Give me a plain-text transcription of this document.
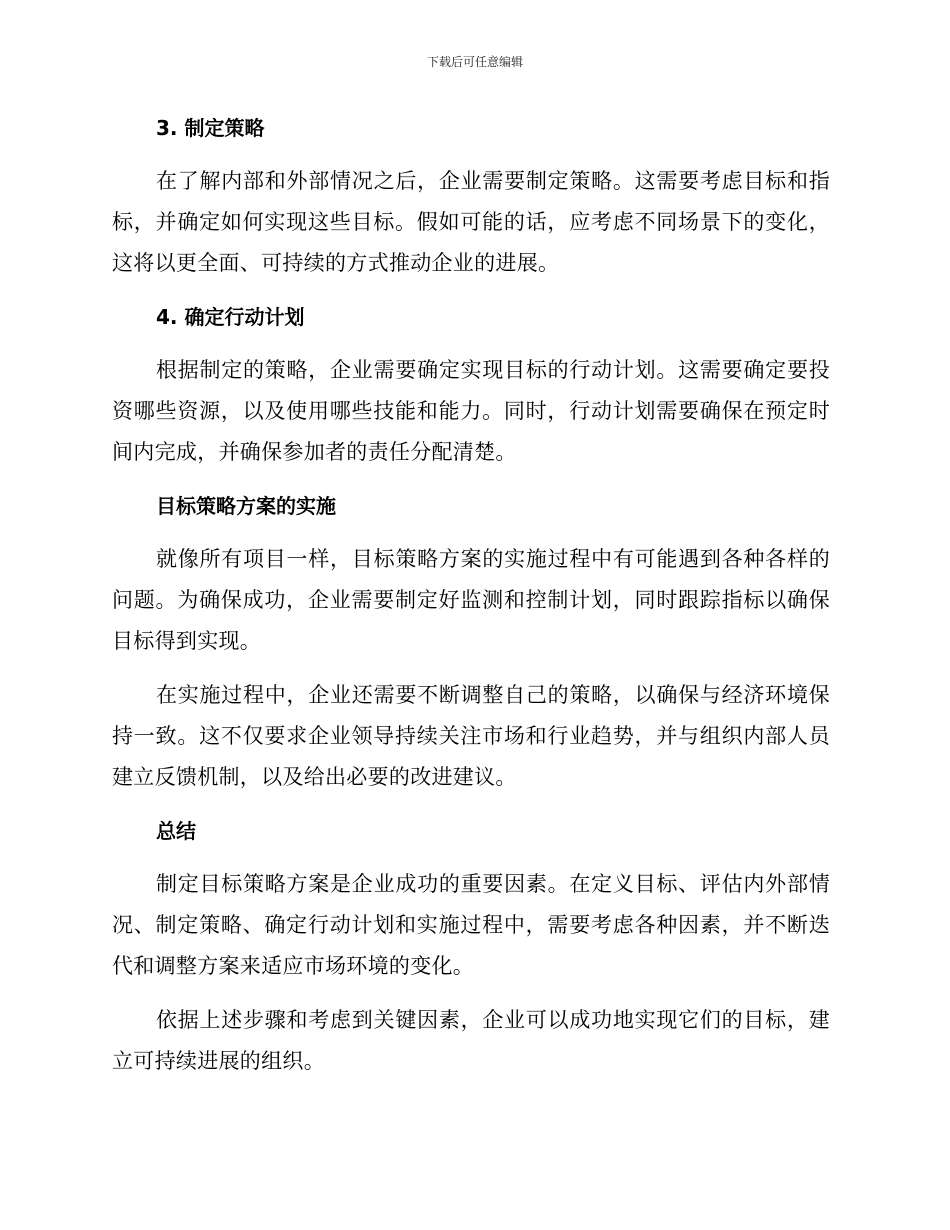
下载后可任意编辑
3. 制定策略
在了解内部和外部情况之后，企业需要制定策略。这需要考虑目标和指
标，并确定如何实现这些目标。假如可能的话，应考虑不同场景下的变化，
这将以更全面、可持续的方式推动企业的进展。
4. 确定行动计划
根据制定的策略，企业需要确定实现目标的行动计划。这需要确定要投
资哪些资源，以及使用哪些技能和能力。同时，行动计划需要确保在预定时
间内完成，并确保参加者的责任分配清楚。
目标策略方案的实施
就像所有项目一样，目标策略方案的实施过程中有可能遇到各种各样的
问题。为确保成功，企业需要制定好监测和控制计划，同时跟踪指标以确保
目标得到实现。
在实施过程中，企业还需要不断调整自己的策略，以确保与经济环境保
持一致。这不仅要求企业领导持续关注市场和行业趋势，并与组织内部人员
建立反馈机制，以及给出必要的改进建议。
总结
制定目标策略方案是企业成功的重要因素。在定义目标、评估内外部情
况、制定策略、确定行动计划和实施过程中，需要考虑各种因素，并不断迭
代和调整方案来适应市场环境的变化。
依据上述步骤和考虑到关键因素，企业可以成功地实现它们的目标，建
立可持续进展的组织。
